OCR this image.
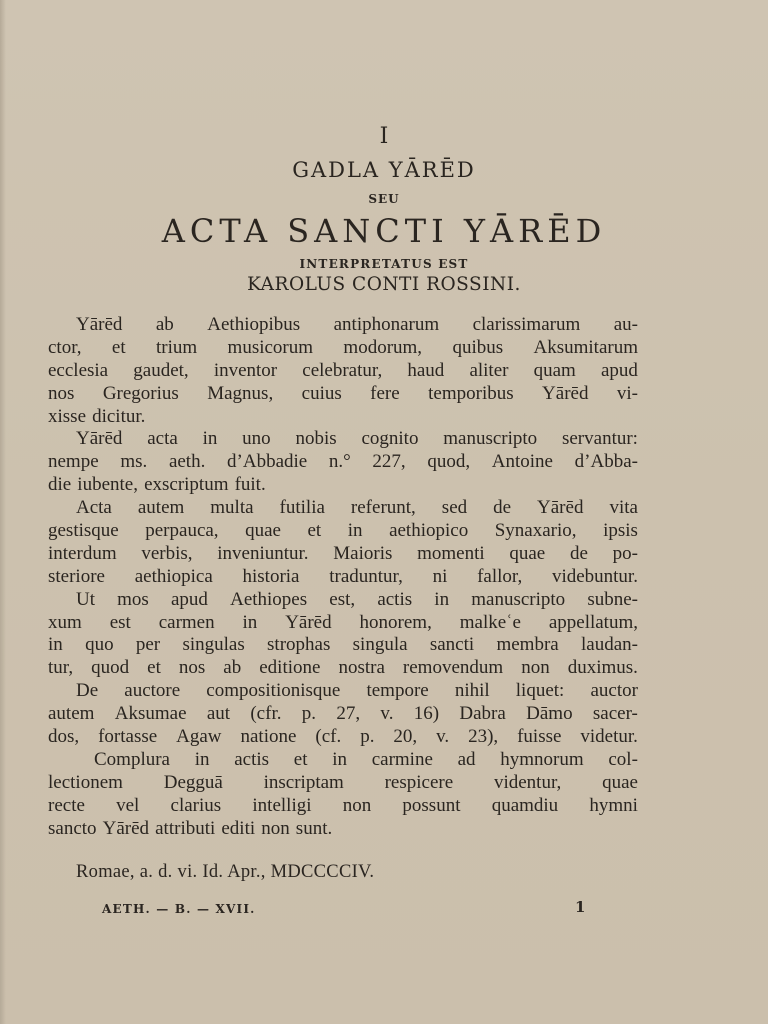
I
GADLA YĀRĒD
SEU
ACTA SANCTI YĀRĒD
INTERPRETATUS EST
KAROLUS CONTI ROSSINI.
Yārēd ab Aethiopibus antiphonarum clarissimarum au-
ctor, et trium musicorum modorum, quibus Aksumitarum
ecclesia gaudet, inventor celebratur, haud aliter quam apud
nos Gregorius Magnus, cuius fere temporibus Yārēd vi-
xisse dicitur.
Yārēd acta in uno nobis cognito manuscripto servantur:
nempe ms. aeth. d’Abbadie n.° 227, quod, Antoine d’Abba-
die iubente, exscriptum fuit.
Acta autem multa futilia referunt, sed de Yārēd vita
gestisque perpauca, quae et in aethiopico Synaxario, ipsis
interdum verbis, inveniuntur. Maioris momenti quae de po-
steriore aethiopica historia traduntur, ni fallor, videbuntur.
Ut mos apud Aethiopes est, actis in manuscripto subne-
xum est carmen in Yārēd honorem, malkeʿe appellatum,
in quo per singulas strophas singula sancti membra laudan-
tur, quod et nos ab editione nostra removendum non duximus.
De auctore compositionisque tempore nihil liquet: auctor
autem Aksumae aut (cfr. p. 27, v. 16) Dabra Dāmo sacer-
dos, fortasse Agaw natione (cf. p. 20, v. 23), fuisse videtur.
Complura in actis et in carmine ad hymnorum col-
lectionem Degguā inscriptam respicere videntur, quae
recte vel clarius intelligi non possunt quamdiu hymni
sancto Yārēd attributi editi non sunt.
Romae, a. d. vi. Id. Apr., MDCCCCIV.
AETH. — B. — XVII.	1
